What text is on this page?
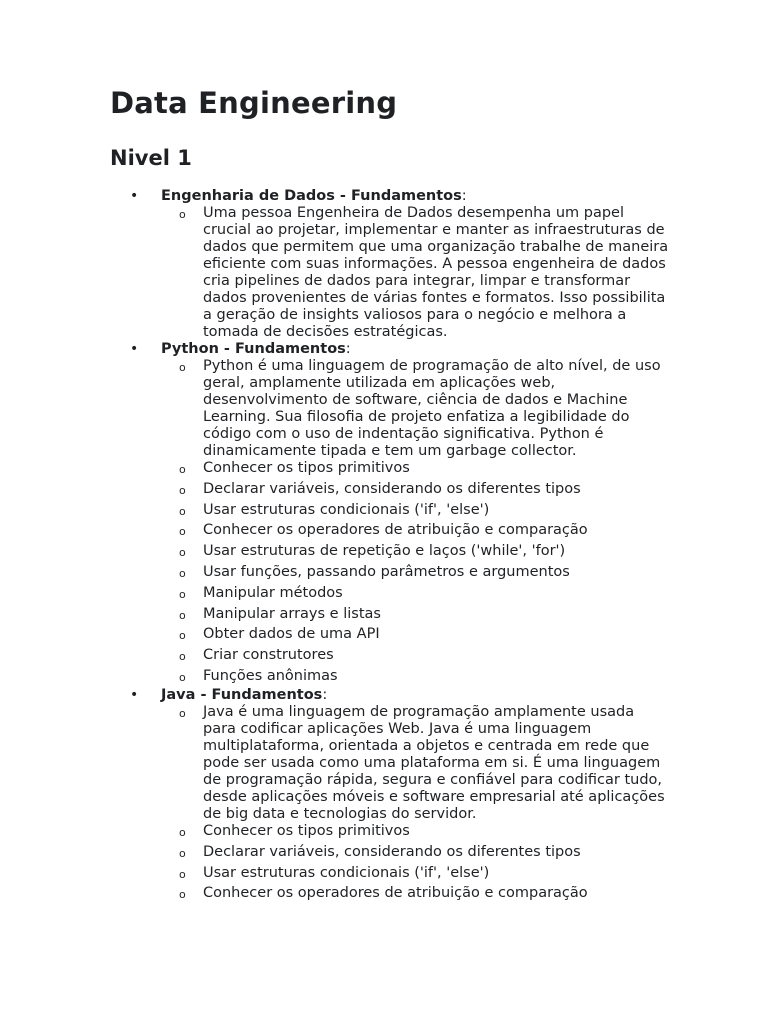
Data Engineering
Nivel 1
• Engenharia de Dados - Fundamentos:
o Uma pessoa Engenheira de Dados desempenha um papel crucial ao projetar, implementar e manter as infraestruturas de dados que permitem que uma organização trabalhe de maneira eficiente com suas informações. A pessoa engenheira de dados cria pipelines de dados para integrar, limpar e transformar dados provenientes de várias fontes e formatos. Isso possibilita a geração de insights valiosos para o negócio e melhora a tomada de decisões estratégicas.
• Python - Fundamentos:
o Python é uma linguagem de programação de alto nível, de uso geral, amplamente utilizada em aplicações web, desenvolvimento de software, ciência de dados e Machine Learning. Sua filosofia de projeto enfatiza a legibilidade do código com o uso de indentação significativa. Python é dinamicamente tipada e tem um garbage collector.
o Conhecer os tipos primitivos
o Declarar variáveis, considerando os diferentes tipos
o Usar estruturas condicionais ('if', 'else')
o Conhecer os operadores de atribuição e comparação
o Usar estruturas de repetição e laços ('while', 'for')
o Usar funções, passando parâmetros e argumentos
o Manipular métodos
o Manipular arrays e listas
o Obter dados de uma API
o Criar construtores
o Funções anônimas
• Java - Fundamentos:
o Java é uma linguagem de programação amplamente usada para codificar aplicações Web. Java é uma linguagem multiplataforma, orientada a objetos e centrada em rede que pode ser usada como uma plataforma em si. É uma linguagem de programação rápida, segura e confiável para codificar tudo, desde aplicações móveis e software empresarial até aplicações de big data e tecnologias do servidor.
o Conhecer os tipos primitivos
o Declarar variáveis, considerando os diferentes tipos
o Usar estruturas condicionais ('if', 'else')
o Conhecer os operadores de atribuição e comparação
